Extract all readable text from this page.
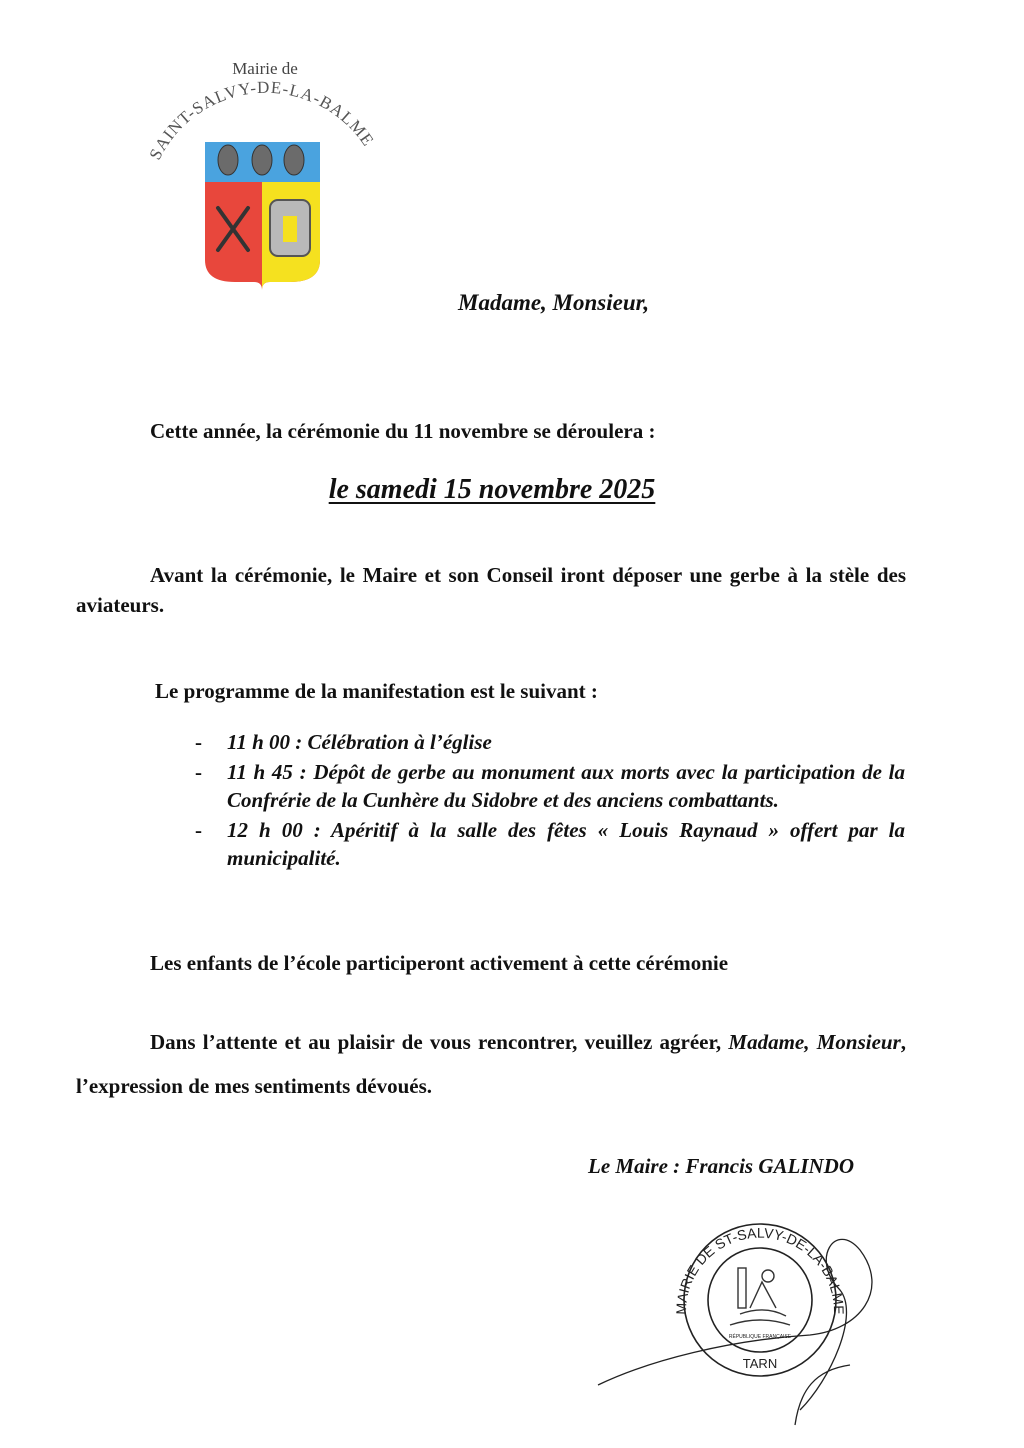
Mairie de
SAINT-SALVY-DE-LA-BALME
Madame, Monsieur,
Cette année, la cérémonie du 11 novembre se déroulera :
le samedi 15 novembre 2025
Avant la cérémonie, le Maire et son Conseil iront déposer une gerbe à la stèle des aviateurs.
Le programme de la manifestation est le suivant :
- 11 h 00 : Célébration à l’église
- 11 h 45 : Dépôt de gerbe au monument aux morts avec la participation de la Confrérie de la Cunhère du Sidobre et des anciens combattants.
- 12 h 00 : Apéritif à la salle des fêtes « Louis Raynaud » offert par la municipalité.
Les enfants de l’école participeront activement à cette cérémonie
Dans l’attente et au plaisir de vous rencontrer, veuillez agréer, Madame, Monsieur, l’expression de mes sentiments dévoués.
Le Maire : Francis GALINDO
MAIRIE DE ST-SALVY-DE-LA-BALME
TARN
RÉPUBLIQUE FRANÇAISE
